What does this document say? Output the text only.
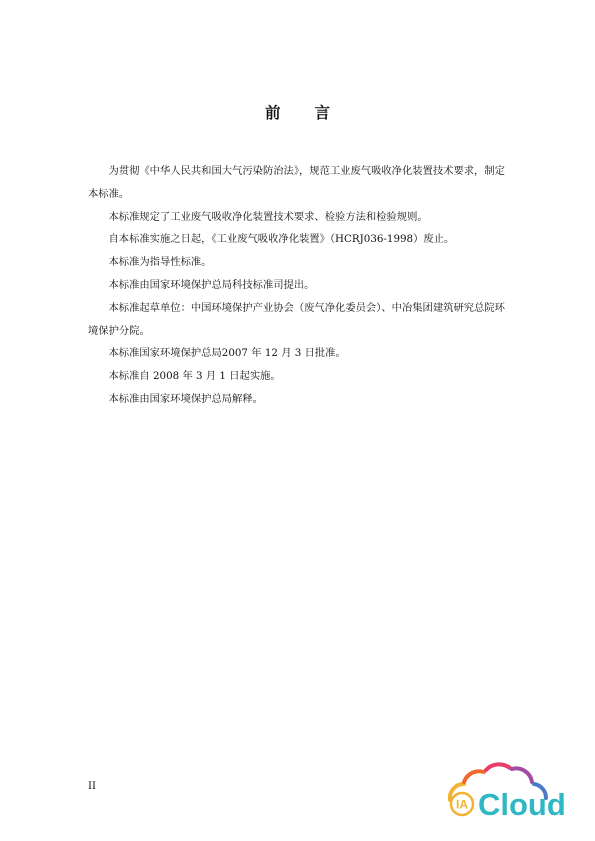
前 言

为贯彻《中华人民共和国大气污染防治法》，规范工业废气吸收净化装置技术要求，制定本标准。

本标准规定了工业废气吸收净化装置技术要求、检验方法和检验规则。

自本标准实施之日起，《工业废气吸收净化装置》（HCRJ036-1998）废止。

本标准为指导性标准。

本标准由国家环境保护总局科技标准司提出。

本标准起草单位：中国环境保护产业协会（废气净化委员会）、中冶集团建筑研究总院环境保护分院。

本标准国家环境保护总局2007 年 12 月 3 日批准。

本标准自 2008 年 3 月 1 日起实施。

本标准由国家环境保护总局解释。

II
IA Cloud
